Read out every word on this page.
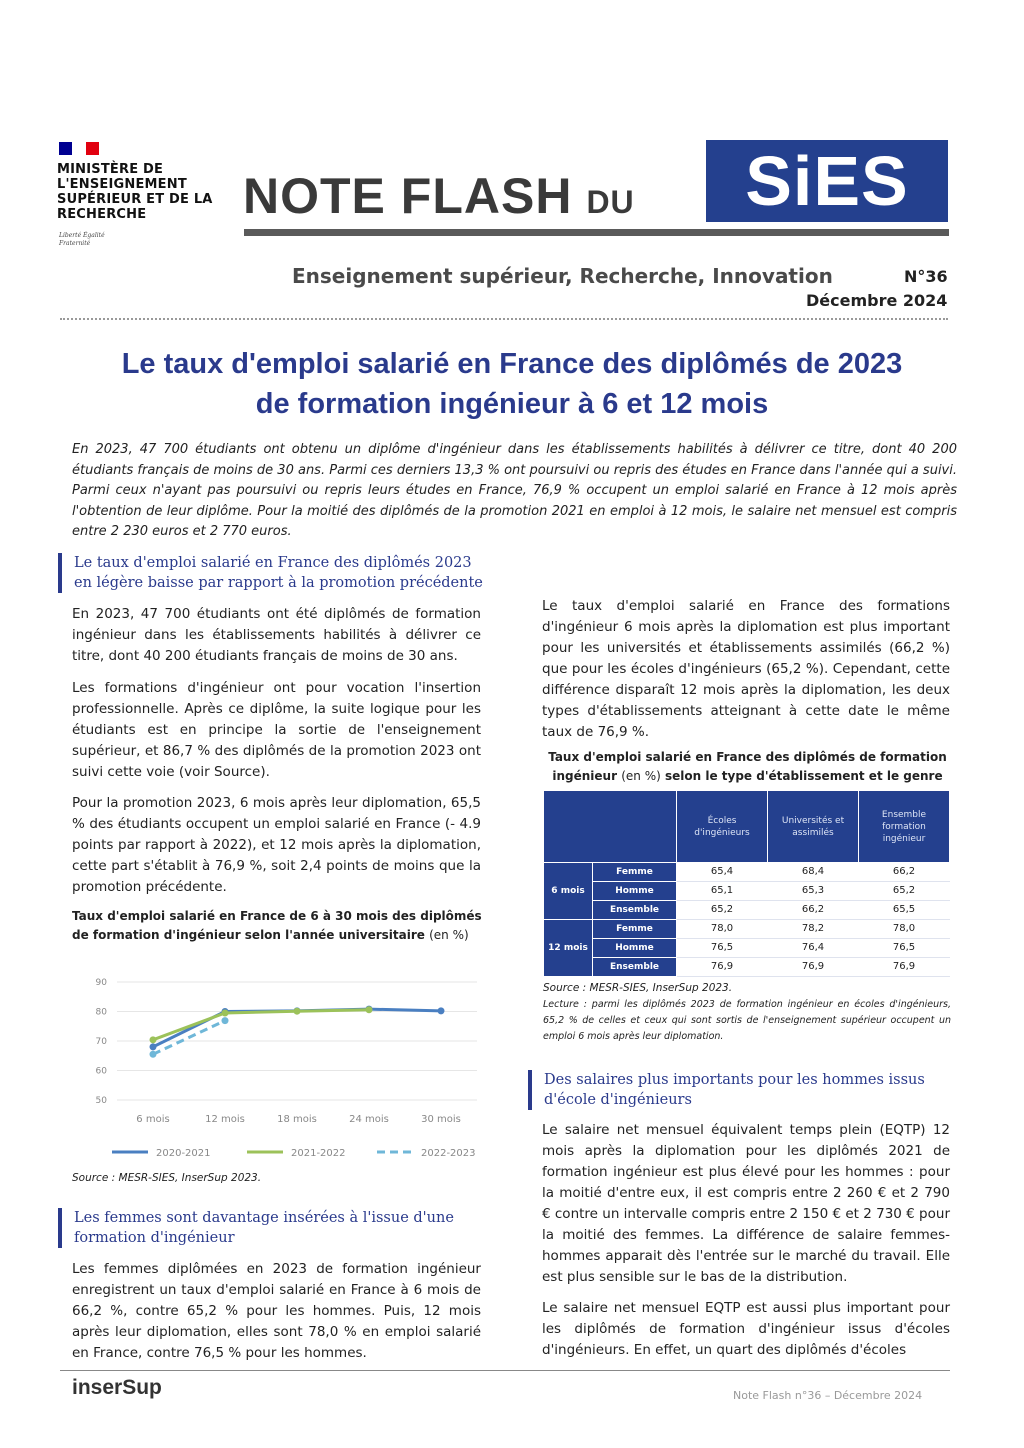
MINISTÈRE DE L'ENSEIGNEMENT SUPÉRIEUR ET DE LA RECHERCHE
Liberté Égalité Fraternité
NOTE FLASH DU	SiES
Enseignement supérieur, Recherche, Innovation	N°36
Décembre 2024
Le taux d'emploi salarié en France des diplômés de 2023
de formation ingénieur à 6 et 12 mois

En 2023, 47 700 étudiants ont obtenu un diplôme d'ingénieur dans les établissements habilités à délivrer ce titre, dont 40 200 étudiants français de moins de 30 ans. Parmi ces derniers 13,3 % ont poursuivi ou repris des études en France dans l'année qui a suivi. Parmi ceux n'ayant pas poursuivi ou repris leurs études en France, 76,9 % occupent un emploi salarié en France à 12 mois après l'obtention de leur diplôme. Pour la moitié des diplômés de la promotion 2021 en emploi à 12 mois, le salaire net mensuel est compris entre 2 230 euros et 2 770 euros.

Le taux d'emploi salarié en France des diplômés 2023 en légère baisse par rapport à la promotion précédente

En 2023, 47 700 étudiants ont été diplômés de formation ingénieur dans les établissements habilités à délivrer ce titre, dont 40 200 étudiants français de moins de 30 ans.

Les formations d'ingénieur ont pour vocation l'insertion professionnelle. Après ce diplôme, la suite logique pour les étudiants est en principe la sortie de l'enseignement supérieur, et 86,7 % des diplômés de la promotion 2023 ont suivi cette voie (voir Source).

Pour la promotion 2023, 6 mois après leur diplomation, 65,5 % des étudiants occupent un emploi salarié en France (- 4.9 points par rapport à 2022), et 12 mois après la diplomation, cette part s'établit à 76,9 %, soit 2,4 points de moins que la promotion précédente.

Taux d'emploi salarié en France de 6 à 30 mois des diplômés de formation d'ingénieur selon l'année universitaire (en %)
90
80
70
60
50
6 mois	12 mois	18 mois	24 mois	30 mois
2020-2021	2021-2022	2022-2023
Source : MESR-SIES, InserSup 2023.
Les femmes sont davantage insérées à l'issue d'une formation d'ingénieur

Les femmes diplômées en 2023 de formation ingénieur enregistrent un taux d'emploi salarié en France à 6 mois de 66,2 %, contre 65,2 % pour les hommes. Puis, 12 mois après leur diplomation, elles sont 78,0 % en emploi salarié en France, contre 76,5 % pour les hommes.

Le taux d'emploi salarié en France des formations d'ingénieur 6 mois après la diplomation est plus important pour les universités et établissements assimilés (66,2 %) que pour les écoles d'ingénieurs (65,2 %). Cependant, cette différence disparaît 12 mois après la diplomation, les deux types d'établissements atteignant à cette date le même taux de 76,9 %.

Taux d'emploi salarié en France des diplômés de formation ingénieur (en %) selon le type d'établissement et le genre
		Écoles d'ingénieurs	Universités et assimilés	Ensemble formation ingénieur
6 mois	Femme	65,4	68,4	66,2
	Homme	65,1	65,3	65,2
	Ensemble	65,2	66,2	65,5
12 mois	Femme	78,0	78,2	78,0
	Homme	76,5	76,4	76,5
	Ensemble	76,9	76,9	76,9
Source : MESR-SIES, InserSup 2023.
Lecture : parmi les diplômés 2023 de formation ingénieur en écoles d'ingénieurs, 65,2 % de celles et ceux qui sont sortis de l'enseignement supérieur occupent un emploi 6 mois après leur diplomation.
Des salaires plus importants pour les hommes issus d'école d'ingénieurs

Le salaire net mensuel équivalent temps plein (EQTP) 12 mois après la diplomation pour les diplômés 2021 de formation ingénieur est plus élevé pour les hommes : pour la moitié d'entre eux, il est compris entre 2 260 € et 2 790 € contre un intervalle compris entre 2 150 € et 2 730 € pour la moitié des femmes. La différence de salaire femmes-hommes apparait dès l'entrée sur le marché du travail. Elle est plus sensible sur le bas de la distribution.

Le salaire net mensuel EQTP est aussi plus important pour les diplômés de formation d'ingénieur issus d'écoles d'ingénieurs. En effet, un quart des diplômés d'écoles

inserSup	Note Flash n°36 – Décembre 2024
